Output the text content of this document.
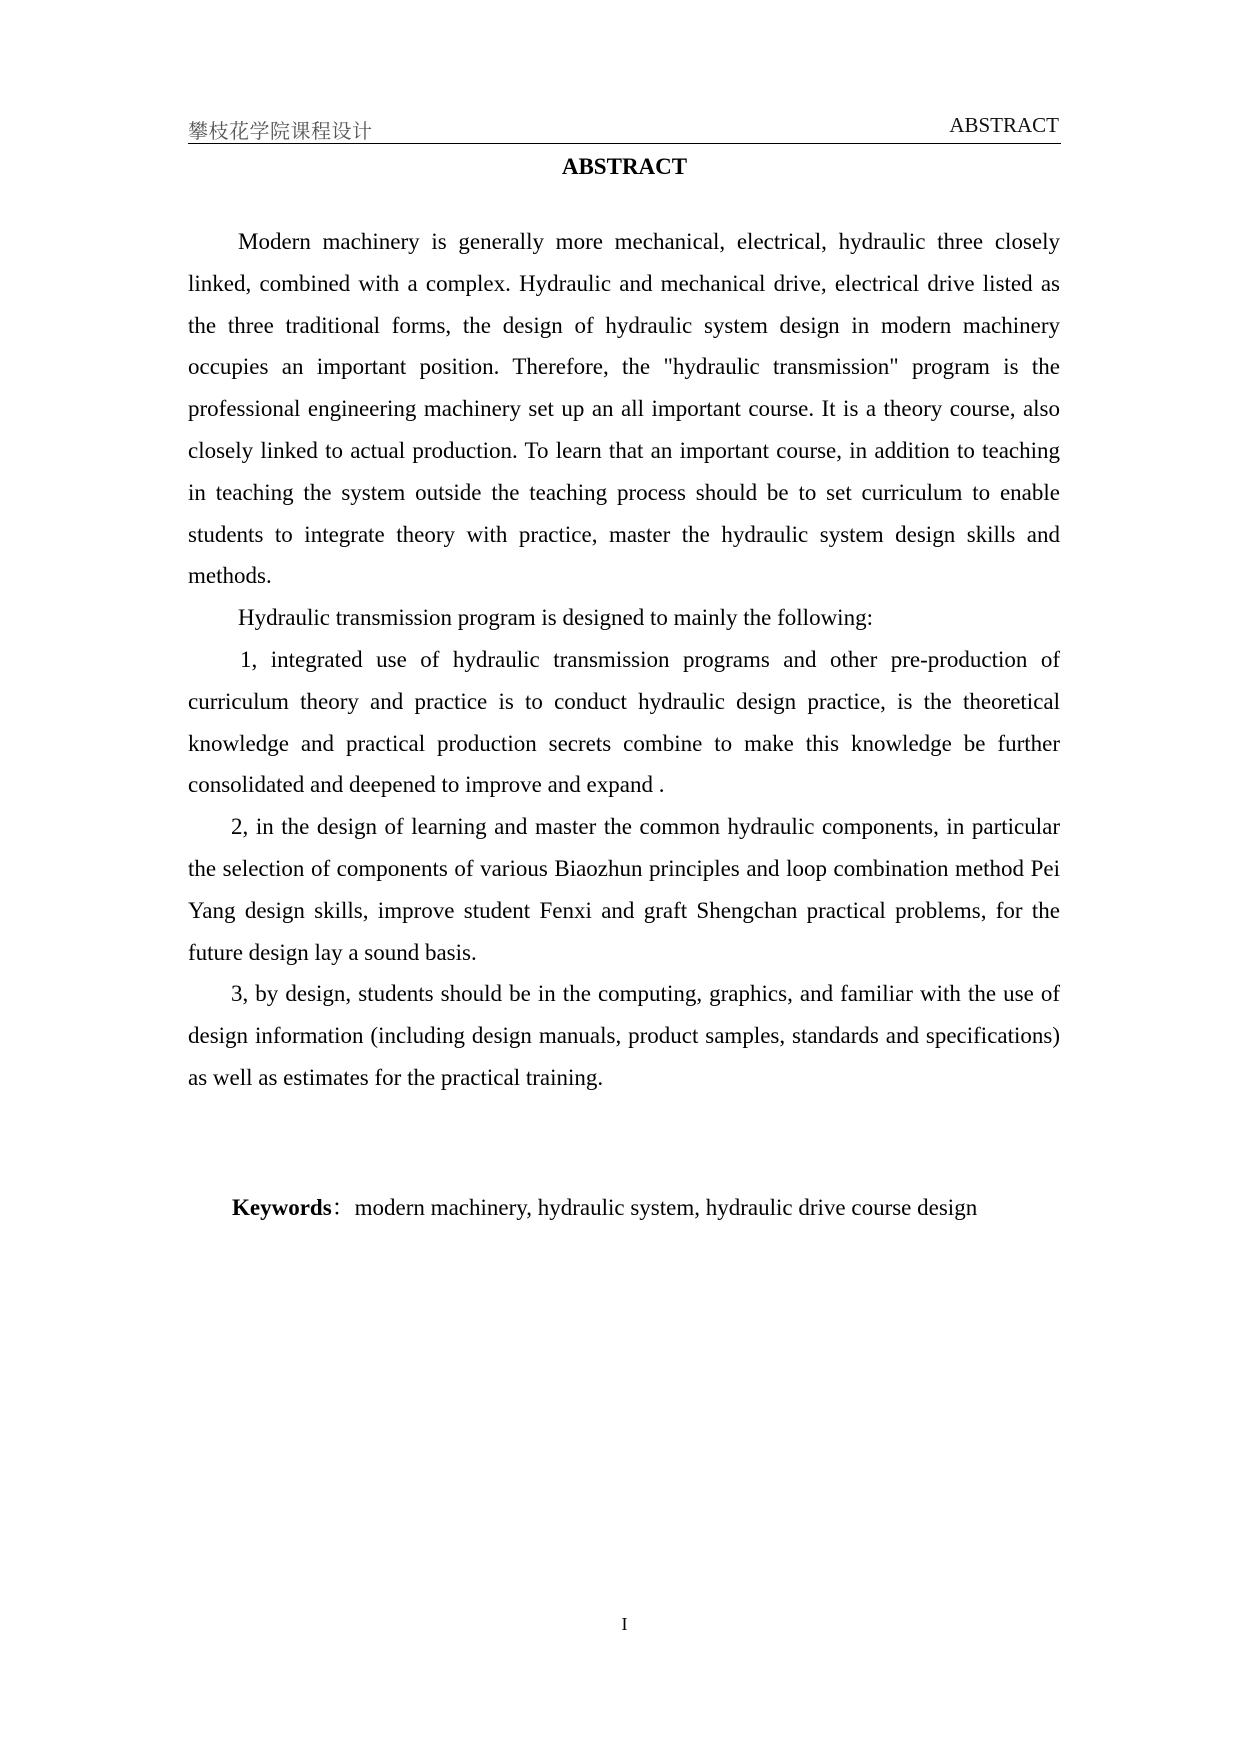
攀枝花学院课程设计	ABSTRACT
ABSTRACT

Modern machinery is generally more mechanical, electrical, hydraulic three closely linked, combined with a complex. Hydraulic and mechanical drive, electrical drive listed as the three traditional forms, the design of hydraulic system design in modern machinery occupies an important position. Therefore, the "hydraulic transmission" program is the professional engineering machinery set up an all important course. It is a theory course, also closely linked to actual production. To learn that an important course, in addition to teaching in teaching the system outside the teaching process should be to set curriculum to enable students to integrate theory with practice, master the hydraulic system design skills and methods.

Hydraulic transmission program is designed to mainly the following:

1, integrated use of hydraulic transmission programs and other pre-production of curriculum theory and practice is to conduct hydraulic design practice, is the theoretical knowledge and practical production secrets combine to make this knowledge be further consolidated and deepened to improve and expand .

2, in the design of learning and master the common hydraulic components, in particular the selection of components of various Biaozhun principles and loop combination method Pei Yang design skills, improve student Fenxi and graft Shengchan practical problems, for the future design lay a sound basis.

3, by design, students should be in the computing, graphics, and familiar with the use of design information (including design manuals, product samples, standards and specifications) as well as estimates for the practical training.

Keywords：modern machinery, hydraulic system, hydraulic drive course design
I
